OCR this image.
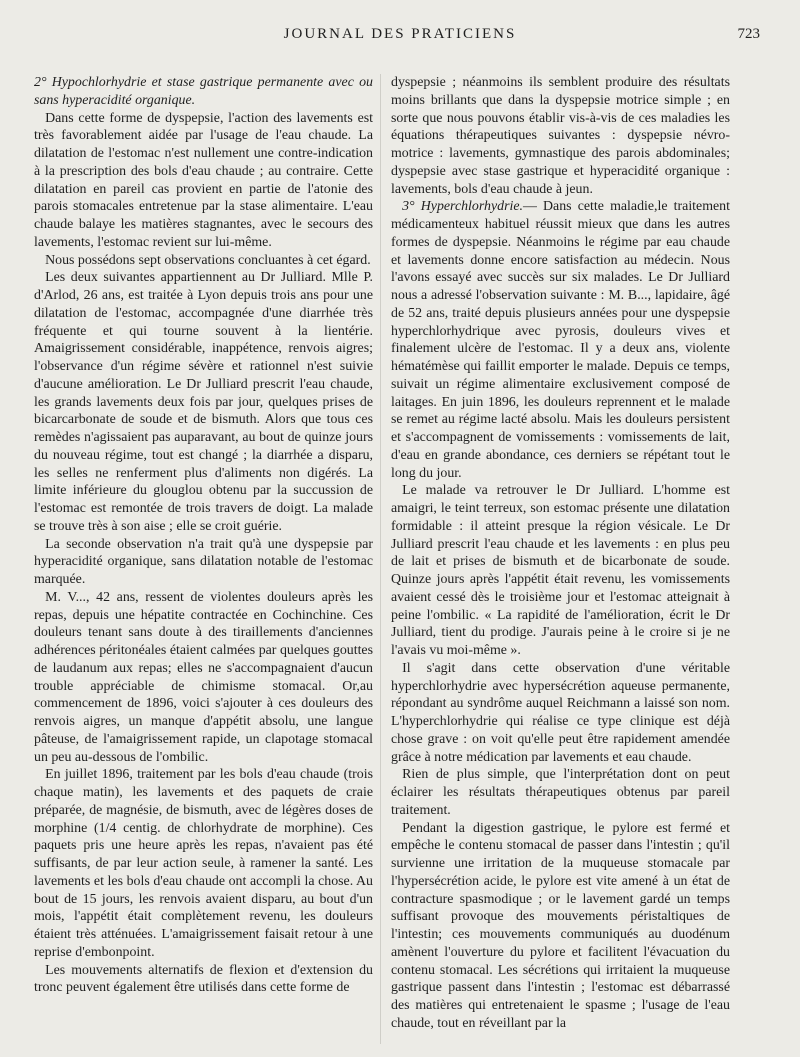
JOURNAL DES PRATICIENS	723

2° Hypochlorhydrie et stase gastrique permanente avec ou sans hyperacidité organique.

Dans cette forme de dyspepsie, l'action des lavements est très favorablement aidée par l'usage de l'eau chaude. La dilatation de l'estomac n'est nullement une contre-indication à la prescription des bols d'eau chaude ; au contraire. Cette dilatation en pareil cas provient en partie de l'atonie des parois stomacales entretenue par la stase alimentaire. L'eau chaude balaye les matières stagnantes, avec le secours des lavements, l'estomac revient sur lui-même.

Nous possédons sept observations concluantes à cet égard.

Les deux suivantes appartiennent au Dr Julliard. Mlle P. d'Arlod, 26 ans, est traitée à Lyon depuis trois ans pour une dilatation de l'estomac, accompagnée d'une diarrhée très fréquente et qui tourne souvent à la lientérie. Amaigrissement considérable, inappétence, renvois aigres; l'observance d'un régime sévère et rationnel n'est suivie d'aucune amélioration. Le Dr Julliard prescrit l'eau chaude, les grands lavements deux fois par jour, quelques prises de bicarcarbonate de soude et de bismuth. Alors que tous ces remèdes n'agissaient pas auparavant, au bout de quinze jours du nouveau régime, tout est changé ; la diarrhée a disparu, les selles ne renferment plus d'aliments non digérés. La limite inférieure du glouglou obtenu par la succussion de l'estomac est remontée de trois travers de doigt. La malade se trouve très à son aise ; elle se croit guérie.

La seconde observation n'a trait qu'à une dyspepsie par hyperacidité organique, sans dilatation notable de l'estomac marquée.

M. V..., 42 ans, ressent de violentes douleurs après les repas, depuis une hépatite contractée en Cochinchine. Ces douleurs tenant sans doute à des tiraillements d'anciennes adhérences péritonéales étaient calmées par quelques gouttes de laudanum aux repas; elles ne s'accompagnaient d'aucun trouble appréciable de chimisme stomacal. Or,au commencement de 1896, voici s'ajouter à ces douleurs des renvois aigres, un manque d'appétit absolu, une langue pâteuse, de l'amaigrissement rapide, un clapotage stomacal un peu au-dessous de l'ombilic.

En juillet 1896, traitement par les bols d'eau chaude (trois chaque matin), les lavements et des paquets de craie préparée, de magnésie, de bismuth, avec de légères doses de morphine (1/4 centig. de chlorhydrate de morphine). Ces paquets pris une heure après les repas, n'avaient pas été suffisants, de par leur action seule, à ramener la santé. Les lavements et les bols d'eau chaude ont accompli la chose. Au bout de 15 jours, les renvois avaient disparu, au bout d'un mois, l'appétit était complètement revenu, les douleurs étaient très atténuées. L'amaigrissement faisait retour à une reprise d'embonpoint.

Les mouvements alternatifs de flexion et d'extension du tronc peuvent également être utilisés dans cette forme de

dyspepsie ; néanmoins ils semblent produire des résultats moins brillants que dans la dyspepsie motrice simple ; en sorte que nous pouvons établir vis-à-vis de ces maladies les équations thérapeutiques suivantes : dyspepsie névro-motrice : lavements, gymnastique des parois abdominales; dyspepsie avec stase gastrique et hyperacidité organique : lavements, bols d'eau chaude à jeun.

3° Hyperchlorhydrie.— Dans cette maladie,le traitement médicamenteux habituel réussit mieux que dans les autres formes de dyspepsie. Néanmoins le régime par eau chaude et lavements donne encore satisfaction au médecin. Nous l'avons essayé avec succès sur six malades. Le Dr Julliard nous a adressé l'observation suivante : M. B..., lapidaire, âgé de 52 ans, traité depuis plusieurs années pour une dyspepsie hyperchlorhydrique avec pyrosis, douleurs vives et finalement ulcère de l'estomac. Il y a deux ans, violente hématémèse qui faillit emporter le malade. Depuis ce temps, suivait un régime alimentaire exclusivement composé de laitages. En juin 1896, les douleurs reprennent et le malade se remet au régime lacté absolu. Mais les douleurs persistent et s'accompagnent de vomissements : vomissements de lait, d'eau en grande abondance, ces derniers se répétant tout le long du jour.

Le malade va retrouver le Dr Julliard. L'homme est amaigri, le teint terreux, son estomac présente une dilatation formidable : il atteint presque la région vésicale. Le Dr Julliard prescrit l'eau chaude et les lavements : en plus peu de lait et prises de bismuth et de bicarbonate de soude. Quinze jours après l'appétit était revenu, les vomissements avaient cessé dès le troisième jour et l'estomac atteignait à peine l'ombilic. « La rapidité de l'amélioration, écrit le Dr Julliard, tient du prodige. J'aurais peine à le croire si je ne l'avais vu moi-même ».

Il s'agit dans cette observation d'une véritable hyperchlorhydrie avec hypersécrétion aqueuse permanente, répondant au syndrôme auquel Reichmann a laissé son nom. L'hyperchlorhydrie qui réalise ce type clinique est déjà chose grave : on voit qu'elle peut être rapidement amendée grâce à notre médication par lavements et eau chaude.

Rien de plus simple, que l'interprétation dont on peut éclairer les résultats thérapeutiques obtenus par pareil traitement.

Pendant la digestion gastrique, le pylore est fermé et empêche le contenu stomacal de passer dans l'intestin ; qu'il survienne une irritation de la muqueuse stomacale par l'hypersécrétion acide, le pylore est vite amené à un état de contracture spasmodique ; or le lavement gardé un temps suffisant provoque des mouvements péristaltiques de l'intestin; ces mouvements communiqués au duodénum amènent l'ouverture du pylore et facilitent l'évacuation du contenu stomacal. Les sécrétions qui irritaient la muqueuse gastrique passent dans l'intestin ; l'estomac est débarrassé des matières qui entretenaient le spasme ; l'usage de l'eau chaude, tout en réveillant par la
